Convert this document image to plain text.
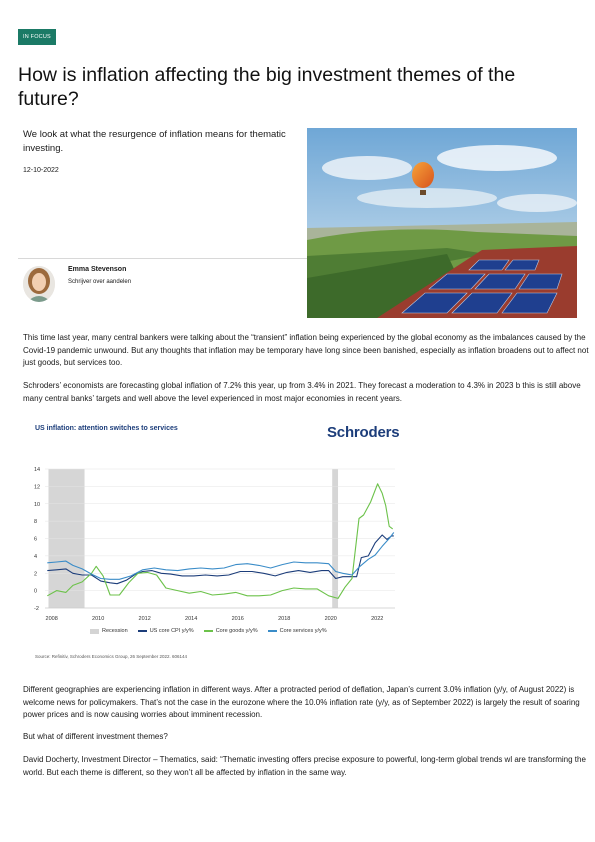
IN FOCUS
How is inflation affecting the big investment themes of the future?

We look at what the resurgence of inflation means for thematic investing.

12-10-2022
Emma Stevenson
Schrijver over aandelen

This time last year, many central bankers were talking about the “transient” inflation being experienced by the global economy as the imbalances caused by the Covid-19 pandemic unwound. But any thoughts that inflation may be temporary have long since been banished, especially as inflation broadens out to affect not just goods, but services too.

Schroders’ economists are forecasting global inflation of 7.2% this year, up from 3.4% in 2021. They forecast a moderation to 4.3% in 2023 b this is still above many central banks’ targets and well above the level experienced in most major economies in recent years.

US inflation: attention switches to services	Schroders
-2
0
2
4
6
8
10
12
14
2008	2010	2012	2014	2016	2018	2020	2022
Recession	US core CPI y/y%	Core goods y/y%	Core services y/y%
Source: Refinitiv, Schroders Economics Group, 26 September 2022. 606144

Different geographies are experiencing inflation in different ways. After a protracted period of deflation, Japan’s current 3.0% inflation (y/y, of August 2022) is welcome news for policymakers. That’s not the case in the eurozone where the 10.0% inflation rate (y/y, as of September 2022) is largely the result of soaring power prices and is now causing worries about imminent recession.

But what of different investment themes?

David Docherty, Investment Director – Thematics, said: “Thematic investing offers precise exposure to powerful, long-term global trends wl are transforming the world. But each theme is different, so they won’t all be affected by inflation in the same way.
